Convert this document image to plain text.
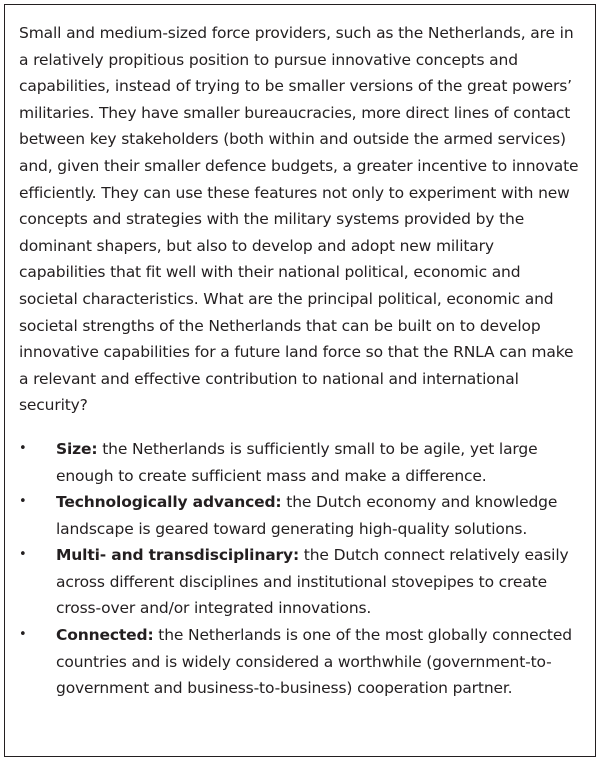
Small and medium-sized force providers, such as the Netherlands, are in a relatively propitious position to pursue innovative concepts and capabilities, instead of trying to be smaller versions of the great powers’ militaries. They have smaller bureaucracies, more direct lines of contact between key stakeholders (both within and outside the armed services) and, given their smaller defence budgets, a greater incentive to innovate efficiently. They can use these features not only to experiment with new concepts and strategies with the military systems provided by the dominant shapers, but also to develop and adopt new military capabilities that fit well with their national political, economic and societal characteristics. What are the principal political, economic and societal strengths of the Netherlands that can be built on to develop innovative capabilities for a future land force so that the RNLA can make a relevant and effective contribution to national and international security?

•	Size: the Netherlands is sufficiently small to be agile, yet large enough to create sufficient mass and make a difference.
•	Technologically advanced: the Dutch economy and knowledge landscape is geared toward generating high-quality solutions.
•	Multi- and transdisciplinary: the Dutch connect relatively easily across different disciplines and institutional stovepipes to create cross-over and/or integrated innovations.
•	Connected: the Netherlands is one of the most globally connected countries and is widely considered a worthwhile (government-to-government and business-to-business) cooperation partner.
